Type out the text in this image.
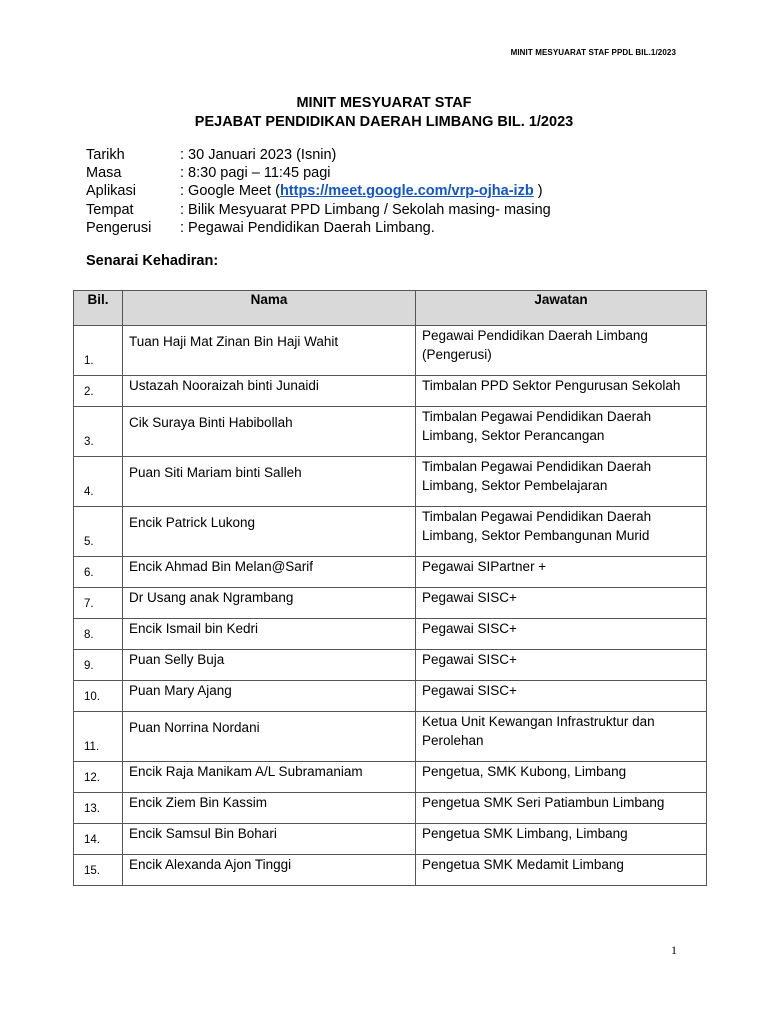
MINIT MESYUARAT STAF PPDL BIL.1/2023
MINIT MESYUARAT STAF
PEJABAT PENDIDIKAN DAERAH LIMBANG BIL. 1/2023
Tarikh	: 30 Januari 2023 (Isnin)
Masa	: 8:30 pagi – 11:45 pagi
Aplikasi	: Google Meet (https://meet.google.com/vrp-ojha-izb )
Tempat	: Bilik Mesyuarat PPD Limbang / Sekolah masing- masing
Pengerusi	: Pegawai Pendidikan Daerah Limbang.
Senarai Kehadiran:
Bil.	Nama	Jawatan

1.	Tuan Haji Mat Zinan Bin Haji Wahit	Pegawai Pendidikan Daerah Limbang (Pengerusi)

2.	Ustazah Nooraizah binti Junaidi	Timbalan PPD Sektor Pengurusan Sekolah

3.	Cik Suraya Binti Habibollah	Timbalan Pegawai Pendidikan Daerah Limbang, Sektor Perancangan

4.	Puan Siti Mariam binti Salleh	Timbalan Pegawai Pendidikan Daerah Limbang, Sektor Pembelajaran

5.	Encik Patrick Lukong	Timbalan Pegawai Pendidikan Daerah Limbang, Sektor Pembangunan Murid

6.	Encik Ahmad Bin Melan@Sarif	Pegawai SIPartner +

7.	Dr Usang anak Ngrambang	Pegawai SISC+

8.	Encik Ismail bin Kedri	Pegawai SISC+

9.	Puan Selly Buja	Pegawai SISC+

10.	Puan Mary Ajang	Pegawai SISC+

11.	Puan Norrina Nordani	Ketua Unit Kewangan Infrastruktur dan Perolehan

12.	Encik Raja Manikam A/L Subramaniam	Pengetua, SMK Kubong, Limbang

13.	Encik Ziem Bin Kassim	Pengetua SMK Seri Patiambun Limbang

14.	Encik Samsul Bin Bohari	Pengetua SMK Limbang, Limbang

15.	Encik Alexanda Ajon Tinggi	Pengetua SMK Medamit Limbang
1
